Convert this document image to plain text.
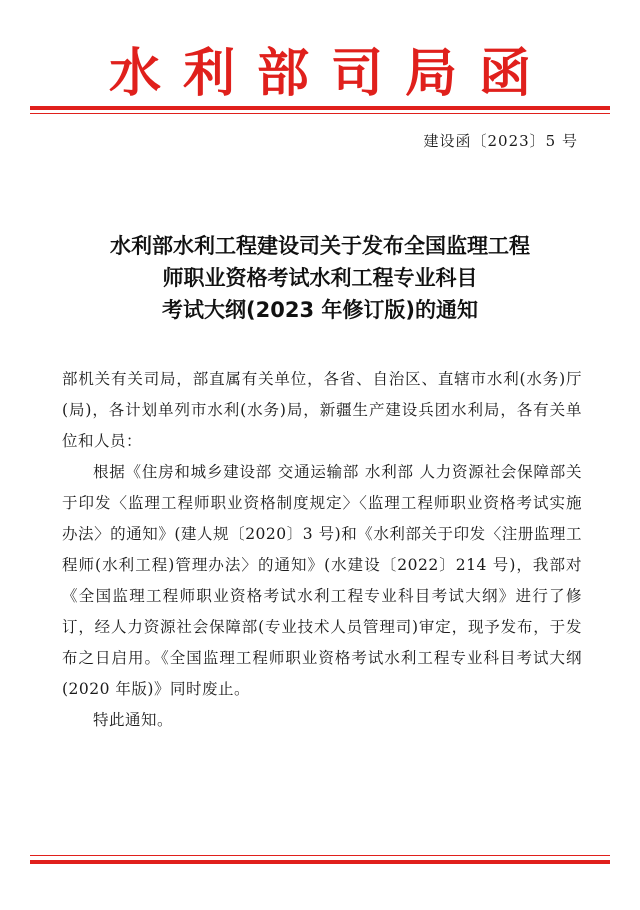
水利部司局函
建设函〔2023〕5 号
水利部水利工程建设司关于发布全国监理工程
师职业资格考试水利工程专业科目
考试大纲(2023 年修订版)的通知

部机关有关司局，部直属有关单位，各省、自治区、直辖市水利(水务)厅(局)，各计划单列市水利(水务)局，新疆生产建设兵团水利局，各有关单位和人员：

根据《住房和城乡建设部 交通运输部 水利部 人力资源社会保障部关于印发〈监理工程师职业资格制度规定〉〈监理工程师职业资格考试实施办法〉的通知》(建人规〔2020〕3 号)和《水利部关于印发〈注册监理工程师(水利工程)管理办法〉的通知》(水建设〔2022〕214 号)，我部对《全国监理工程师职业资格考试水利工程专业科目考试大纲》进行了修订，经人力资源社会保障部(专业技术人员管理司)审定，现予发布，于发布之日启用。《全国监理工程师职业资格考试水利工程专业科目考试大纲(2020 年版)》同时废止。

特此通知。
